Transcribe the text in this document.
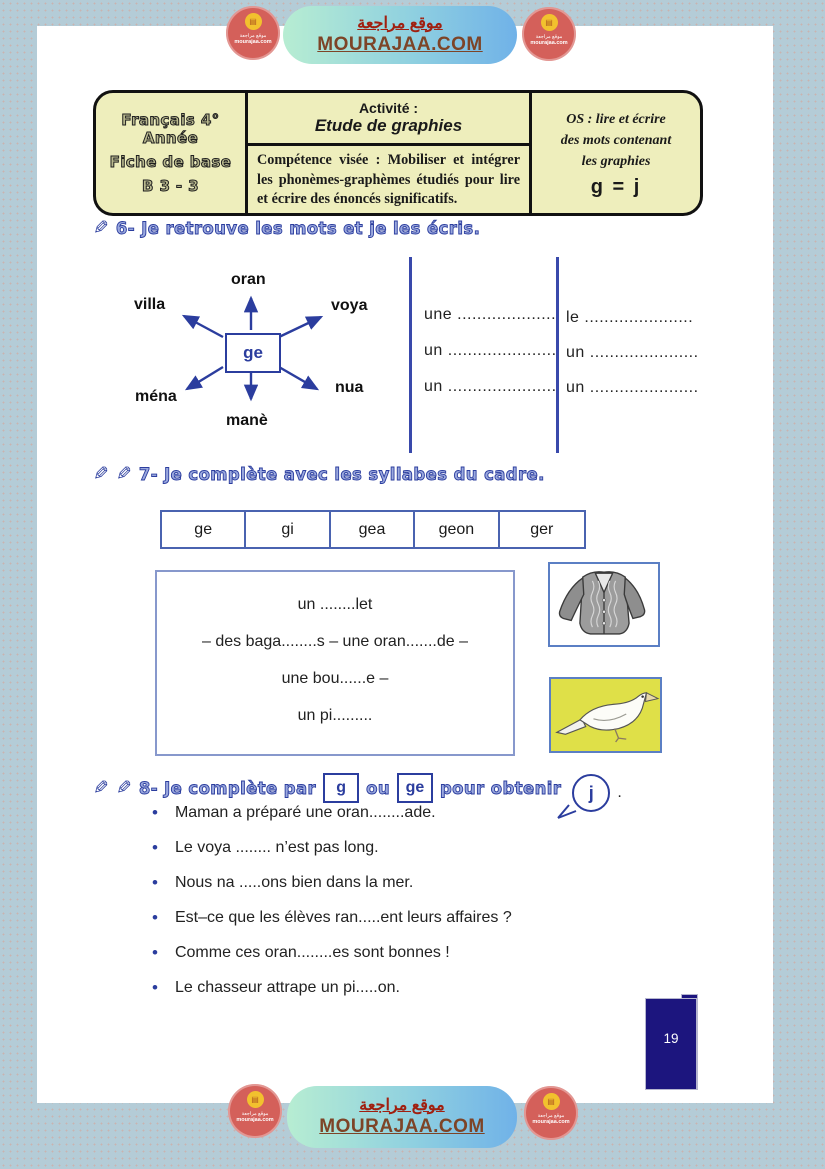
موقع مراجعة
MOURAJAA.COM
▤
موقع مراجعة
mourajaa.com
▤
موقع مراجعة
mourajaa.com
Français 4° Année
Fiche de base
B 3 - 3
Activité :
Etude de graphies
Compétence visée : Mobiliser et intégrer les phonèmes-graphèmes étudiés pour lire et écrire des énoncés significatifs.
OS : lire et écrire
des mots contenant
les graphies
g = j
✎ 6- Je retrouve les mots et je les écris.
oran
villa	voya
ména
manè
nua
ge
une ....................
un ......................
un ......................
le ......................
un ......................
un ......................
✎ ✎ 7- Je complète avec les syllabes du cadre.
ge	gi	gea	geon	ger
un ........let
– des baga........s – une oran.......de –
une bou......e –
un pi.........
✎ ✎ 8- Je complète par	g	ou ge pour obtenir	j	.
• Maman a préparé une oran........ade.
• Le voya ........ n’est pas long.
• Nous na .....ons bien dans la mer.
• Est–ce que les élèves ran.....ent leurs affaires ?
• Comme ces oran........es sont bonnes !
• Le chasseur attrape un pi.....on.
19
موقع مراجعة
MOURAJAA.COM
▤
موقع مراجعة
mourajaa.com
▤
موقع مراجعة
mourajaa.com
